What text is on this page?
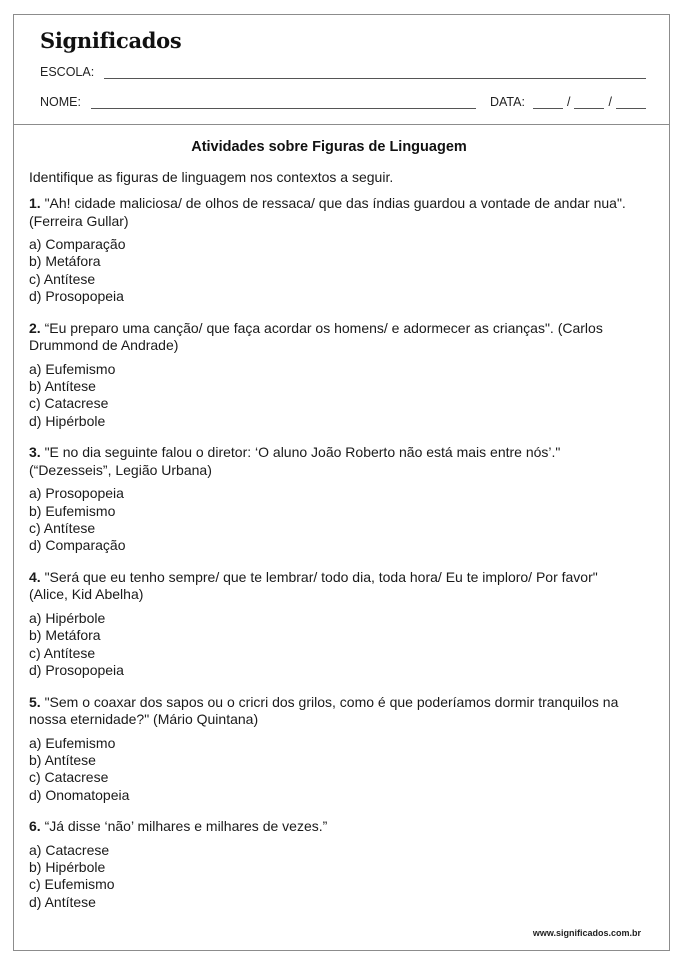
Significados
ESCOLA:
NOME:	DATA:	/	/
www.significados.com.br
Atividades sobre Figuras de Linguagem
Identifique as figuras de linguagem nos contextos a seguir.

1. "Ah! cidade maliciosa/ de olhos de ressaca/ que das índias guardou a vontade de andar nua". (Ferreira Gullar)

a) Comparação
b) Metáfora
c) Antítese
d) Prosopopeia

2. “Eu preparo uma canção/ que faça acordar os homens/ e adormecer as crianças". (Carlos Drummond de Andrade)

a) Eufemismo
b) Antítese
c) Catacrese
d) Hipérbole

3. "E no dia seguinte falou o diretor: ‘O aluno João Roberto não está mais entre nós’." (“Dezesseis”, Legião Urbana)

a) Prosopopeia
b) Eufemismo
c) Antítese
d) Comparação

4. "Será que eu tenho sempre/ que te lembrar/ todo dia, toda hora/ Eu te imploro/ Por favor" (Alice, Kid Abelha)

a) Hipérbole
b) Metáfora
c) Antítese
d) Prosopopeia

5. "Sem o coaxar dos sapos ou o cricri dos grilos, como é que poderíamos dormir tranquilos na nossa eternidade?" (Mário Quintana)

a) Eufemismo
b) Antítese
c) Catacrese
d) Onomatopeia

6. “Já disse ‘não’ milhares e milhares de vezes.”

a) Catacrese
b) Hipérbole
c) Eufemismo
d) Antítese
